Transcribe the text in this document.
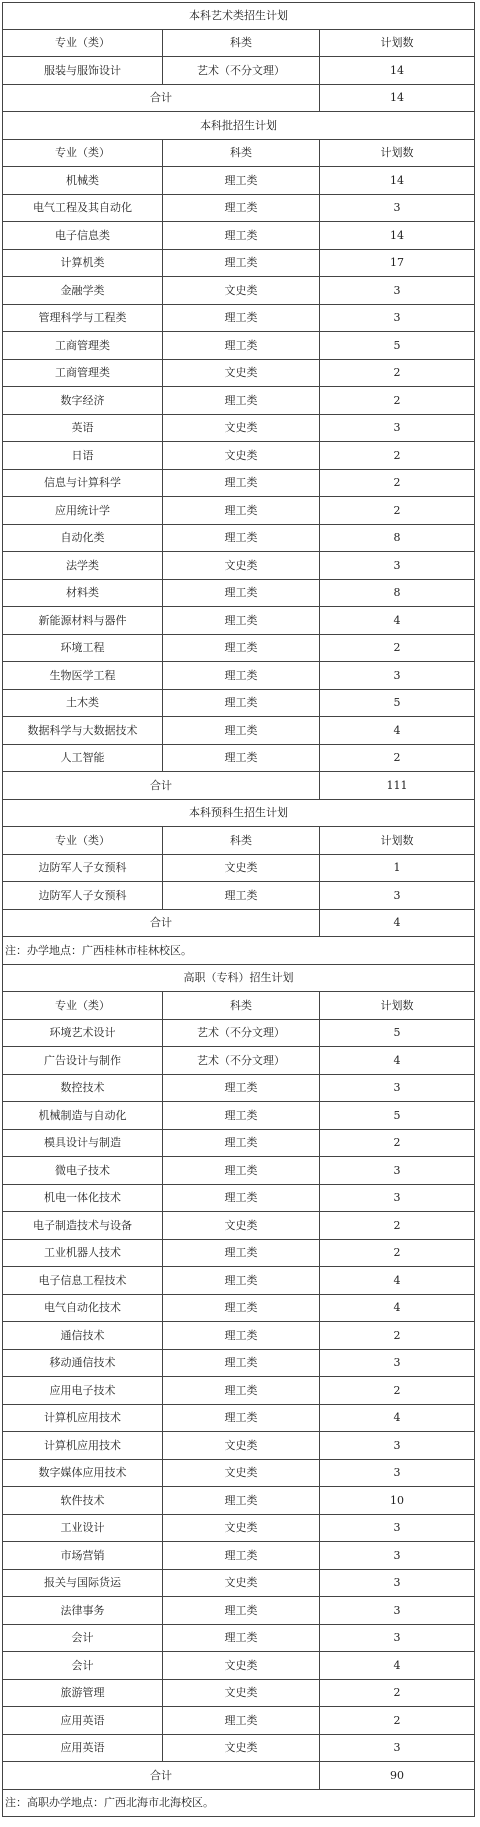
本科艺术类招生计划
专业（类）	科类	计划数
服装与服饰设计	艺术（不分文理）	14
合计	14
本科批招生计划
专业（类）	科类	计划数
机械类	理工类	14
电气工程及其自动化	理工类	3
电子信息类	理工类	14
计算机类	理工类	17
金融学类	文史类	3
管理科学与工程类	理工类	3
工商管理类	理工类	5
工商管理类	文史类	2
数字经济	理工类	2
英语	文史类	3
日语	文史类	2
信息与计算科学	理工类	2
应用统计学	理工类	2
自动化类	理工类	8
法学类	文史类	3
材料类	理工类	8
新能源材料与器件	理工类	4
环境工程	理工类	2
生物医学工程	理工类	3
土木类	理工类	5
数据科学与大数据技术	理工类	4
人工智能	理工类	2
合计	111
本科预科生招生计划
专业（类）	科类	计划数
边防军人子女预科	文史类	1
边防军人子女预科	理工类	3
合计	4
注：办学地点：广西桂林市桂林校区。
高职（专科）招生计划
专业（类）	科类	计划数
环境艺术设计	艺术（不分文理）	5
广告设计与制作	艺术（不分文理）	4
数控技术	理工类	3
机械制造与自动化	理工类	5
模具设计与制造	理工类	2
微电子技术	理工类	3
机电一体化技术	理工类	3
电子制造技术与设备	文史类	2
工业机器人技术	理工类	2
电子信息工程技术	理工类	4
电气自动化技术	理工类	4
通信技术	理工类	2
移动通信技术	理工类	3
应用电子技术	理工类	2
计算机应用技术	理工类	4
计算机应用技术	文史类	3
数字媒体应用技术	文史类	3
软件技术	理工类	10
工业设计	文史类	3
市场营销	理工类	3
报关与国际货运	文史类	3
法律事务	理工类	3
会计	理工类	3
会计	文史类	4
旅游管理	文史类	2
应用英语	理工类	2
应用英语	文史类	3
合计	90
注：高职办学地点：广西北海市北海校区。
